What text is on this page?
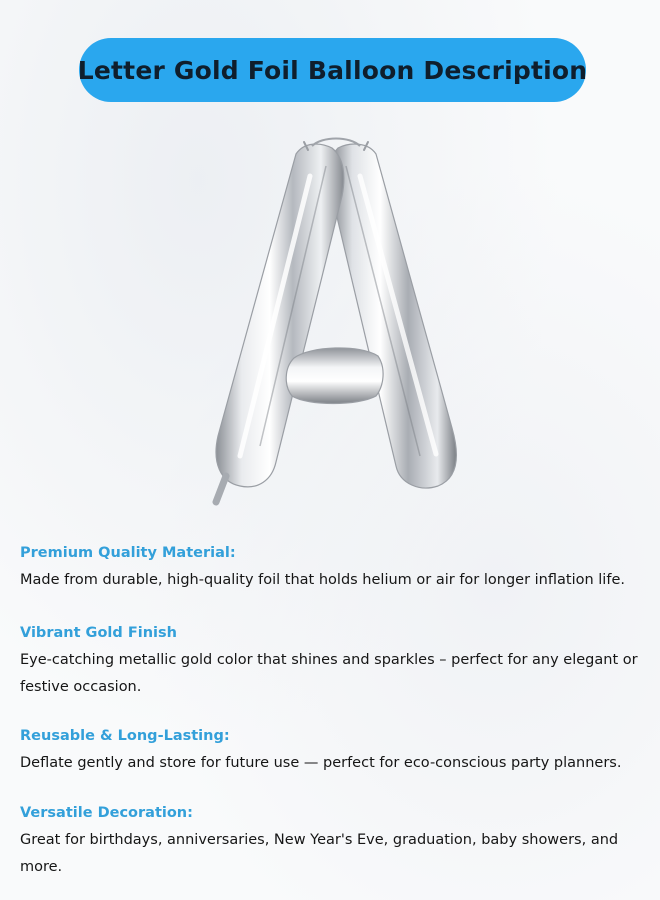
Letter Gold Foil Balloon Description

Premium Quality Material:

Made from durable, high-quality foil that holds helium or air for longer inflation life.

Vibrant Gold Finish

Eye-catching metallic gold color that shines and sparkles – perfect for any elegant or festive occasion.

Reusable & Long-Lasting:

Deflate gently and store for future use — perfect for eco-conscious party planners.

Versatile Decoration:

Great for birthdays, anniversaries, New Year's Eve, graduation, baby showers, and more.
